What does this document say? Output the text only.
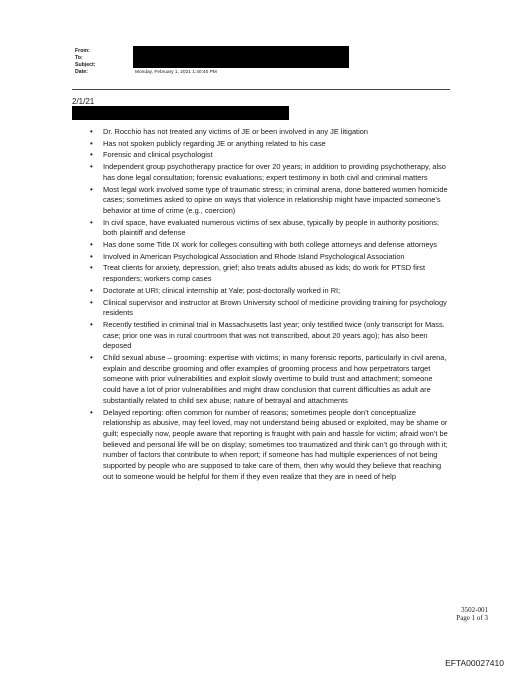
From:
To:
Subject:
Date:	Monday, February 1, 2021 1:40:40 PM
2/1/21
• Dr. Rocchio has not treated any victims of JE or been involved in any JE litigation
• Has not spoken publicly regarding JE or anything related to his case
• Forensic and clinical psychologist
• Independent group psychotherapy practice for over 20 years; in addition to providing psychotherapy, also has done legal consultation; forensic evaluations; expert testimony in both civil and criminal matters
• Most legal work involved some type of traumatic stress; in criminal arena, done battered women homicide cases; sometimes asked to opine on ways that violence in relationship might have impacted someone’s behavior at time of crime (e.g., coercion)
• In civil space, have evaluated numerous victims of sex abuse, typically by people in authority positions; both plaintiff and defense
• Has done some Title IX work for colleges consulting with both college attorneys and defense attorneys
• Involved in American Psychological Association and Rhode Island Psychological Association
• Treat clients for anxiety, depression, grief; also treats adults abused as kids; do work for PTSD first responders; workers comp cases
• Doctorate at URI; clinical internship at Yale; post-doctorally worked in RI;
• Clinical supervisor and instructor at Brown University school of medicine providing training for psychology residents
• Recently testified in criminal trial in Massachusetts last year; only testified twice (only transcript for Mass. case; prior one was in rural courtroom that was not transcribed, about 20 years ago); has also been deposed
• Child sexual abuse – grooming: expertise with victims; in many forensic reports, particularly in civil arena, explain and describe grooming and offer examples of grooming process and how perpetrators target someone with prior vulnerabilities and exploit slowly overtime to build trust and attachment; someone could have a lot of prior vulnerabilities and might draw conclusion that current difficulties as adult are substantially related to child sex abuse; nature of betrayal and attachments
• Delayed reporting: often common for number of reasons; sometimes people don’t conceptualize relationship as abusive, may feel loved, may not understand being abused or exploited, may be shame or guilt; especially now, people aware that reporting is fraught with pain and hassle for victim; afraid won’t be believed and personal life will be on display; sometimes too traumatized and think can’t go through with it; number of factors that contribute to when report; if someone has had multiple experiences of not being supported by people who are supposed to take care of them, then why would they believe that reaching out to someone would be helpful for them if they even realize that they are in need of help
3502-001
Page 1 of 3
EFTA00027410
